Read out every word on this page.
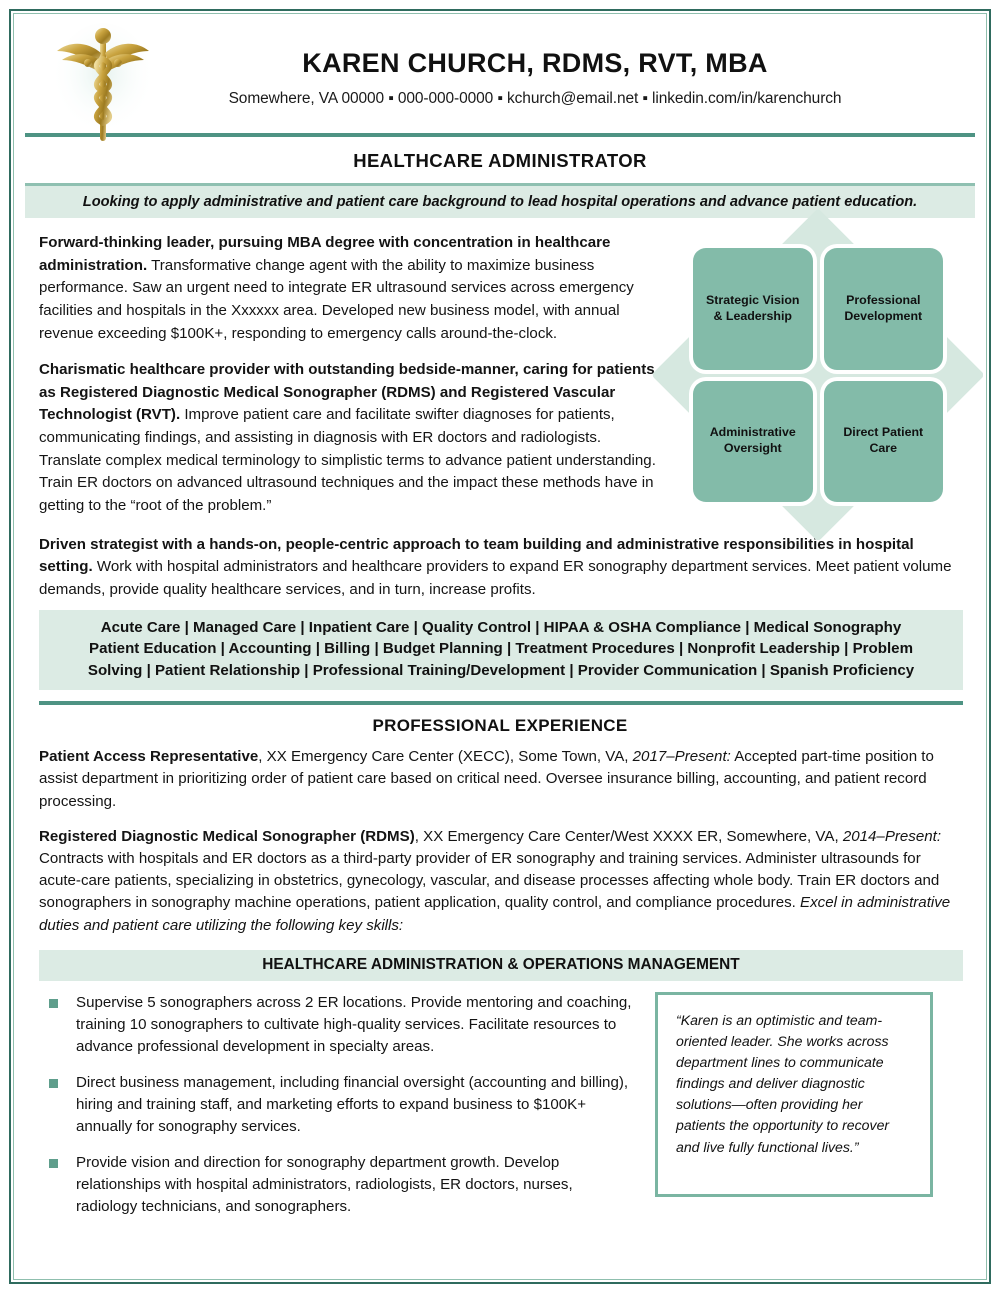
KAREN CHURCH, RDMS, RVT, MBA
Somewhere, VA 00000 ▪ 000-000-0000 ▪ kchurch@email.net ▪ linkedin.com/in/karenchurch
HEALTHCARE ADMINISTRATOR
Looking to apply administrative and patient care background to lead hospital operations and advance patient education.
Forward-thinking leader, pursuing MBA degree with concentration in healthcare administration. Transformative change agent with the ability to maximize business performance. Saw an urgent need to integrate ER ultrasound services across emergency facilities and hospitals in the Xxxxxx area. Developed new business model, with annual revenue exceeding $100K+, responding to emergency calls around-the-clock.
Charismatic healthcare provider with outstanding bedside-manner, caring for patients as Registered Diagnostic Medical Sonographer (RDMS) and Registered Vascular Technologist (RVT). Improve patient care and facilitate swifter diagnoses for patients, communicating findings, and assisting in diagnosis with ER doctors and radiologists. Translate complex medical terminology to simplistic terms to advance patient understanding. Train ER doctors on advanced ultrasound techniques and the impact these methods have in getting to the “root of the problem.”
Strategic Vision
& Leadership
Professional
Development
Administrative
Oversight
Direct Patient
Care
Driven strategist with a hands-on, people-centric approach to team building and administrative responsibilities in hospital setting. Work with hospital administrators and healthcare providers to expand ER sonography department services. Meet patient volume demands, provide quality healthcare services, and in turn, increase profits.
Acute Care | Managed Care | Inpatient Care | Quality Control | HIPAA & OSHA Compliance | Medical Sonography
Patient Education | Accounting | Billing | Budget Planning | Treatment Procedures | Nonprofit Leadership | Problem
Solving | Patient Relationship | Professional Training/Development | Provider Communication | Spanish Proficiency
PROFESSIONAL EXPERIENCE

Patient Access Representative, XX Emergency Care Center (XECC), Some Town, VA, 2017–Present: Accepted part-time position to assist department in prioritizing order of patient care based on critical need. Oversee insurance billing, accounting, and patient record processing.

Registered Diagnostic Medical Sonographer (RDMS), XX Emergency Care Center/West XXXX ER, Somewhere, VA, 2014–Present: Contracts with hospitals and ER doctors as a third-party provider of ER sonography and training services. Administer ultrasounds for acute-care patients, specializing in obstetrics, gynecology, vascular, and disease processes affecting whole body. Train ER doctors and sonographers in sonography machine operations, patient application, quality control, and compliance procedures. Excel in administrative duties and patient care utilizing the following key skills:

HEALTHCARE ADMINISTRATION & OPERATIONS MANAGEMENT
Supervise 5 sonographers across 2 ER locations. Provide mentoring and coaching, training 10 sonographers to cultivate high-quality services. Facilitate resources to advance professional development in specialty areas.
Direct business management, including financial oversight (accounting and billing), hiring and training staff, and marketing efforts to expand business to $100K+ annually for sonography services.
Provide vision and direction for sonography department growth. Develop relationships with hospital administrators, radiologists, ER doctors, nurses, radiology technicians, and sonographers.
“Karen is an optimistic and team-oriented leader. She works across department lines to communicate findings and deliver diagnostic solutions—often providing her patients the opportunity to recover and live fully functional lives.”
